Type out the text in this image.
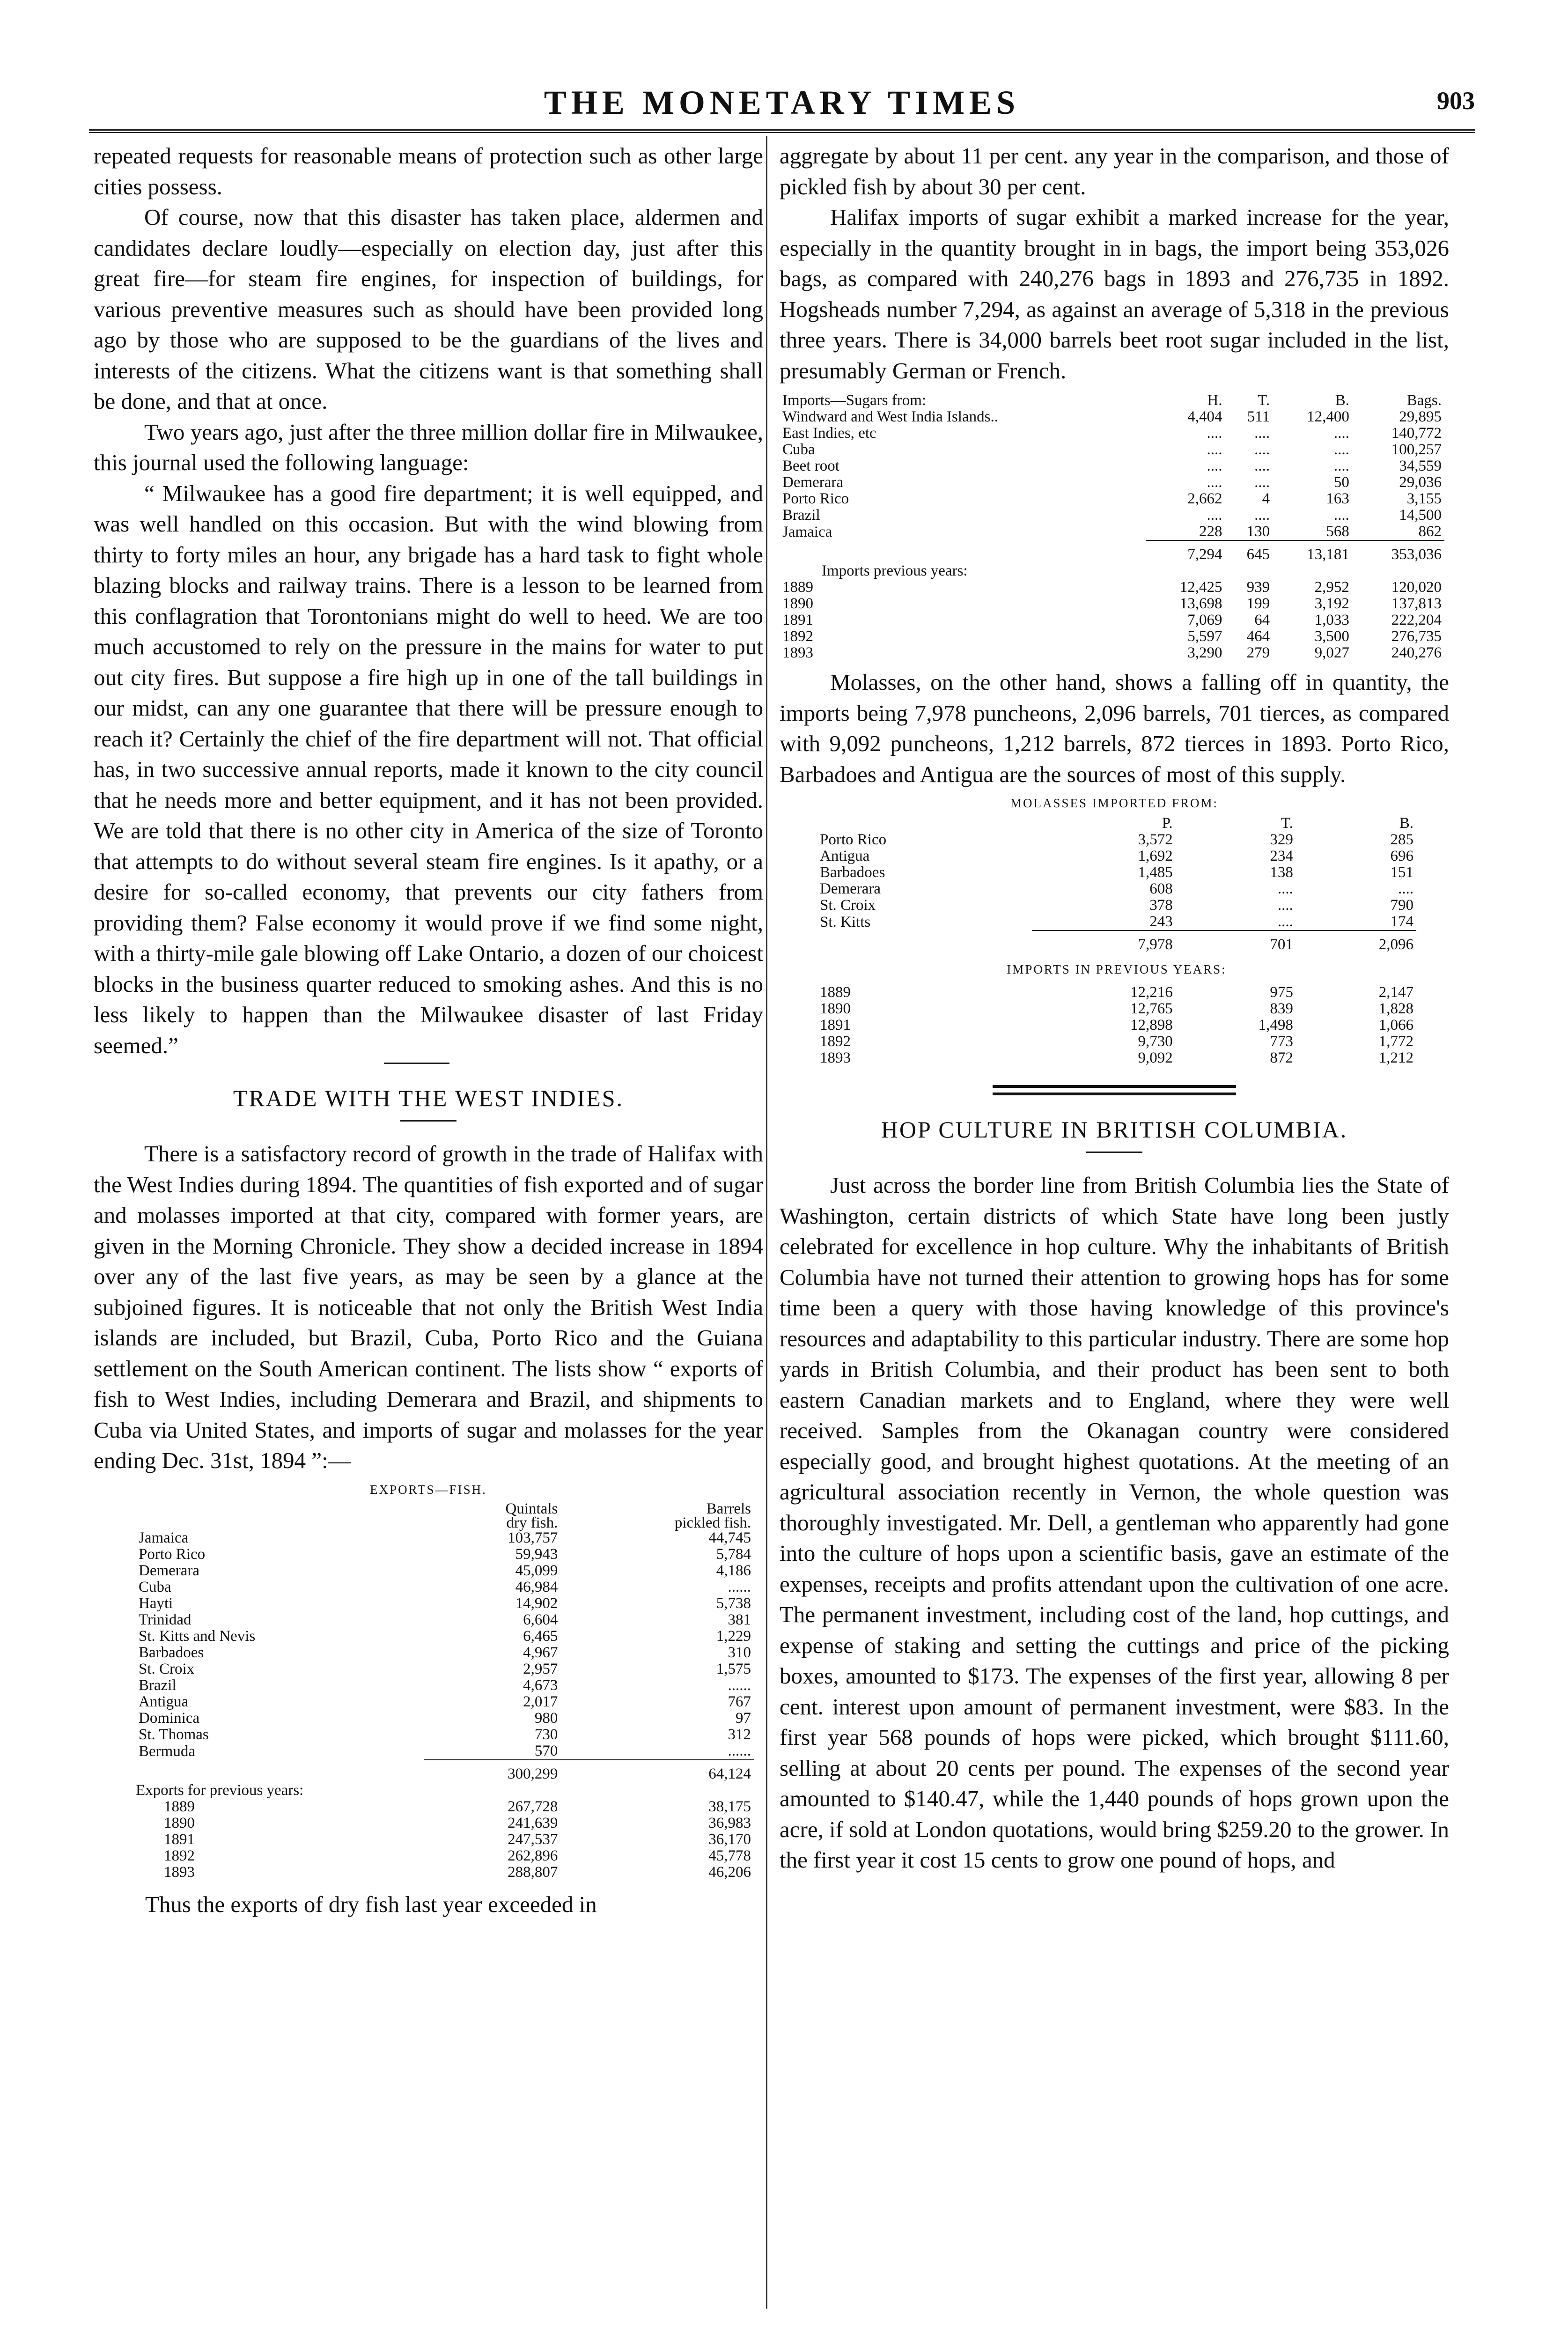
THE MONETARY TIMES	903

repeated requests for reasonable means of protection such as other large cities possess.

Of course, now that this disaster has taken place, aldermen and candidates declare loudly—especially on election day, just after this great fire—for steam fire engines, for inspection of buildings, for various preventive measures such as should have been provided long ago by those who are supposed to be the guardians of the lives and interests of the citizens. What the citizens want is that something shall be done, and that at once.

Two years ago, just after the three million dollar fire in Milwaukee, this journal used the following language:

“ Milwaukee has a good fire department; it is well equipped, and was well handled on this occasion. But with the wind blowing from thirty to forty miles an hour, any brigade has a hard task to fight whole blazing blocks and railway trains. There is a lesson to be learned from this conflagration that Torontonians might do well to heed. We are too much accustomed to rely on the pressure in the mains for water to put out city fires. But suppose a fire high up in one of the tall buildings in our midst, can any one guarantee that there will be pressure enough to reach it? Certainly the chief of the fire department will not. That official has, in two successive annual reports, made it known to the city council that he needs more and better equipment, and it has not been provided. We are told that there is no other city in America of the size of Toronto that attempts to do without several steam fire engines. Is it apathy, or a desire for so-called economy, that prevents our city fathers from providing them? False economy it would prove if we find some night, with a thirty-mile gale blowing off Lake Ontario, a dozen of our choicest blocks in the business quarter reduced to smoking ashes. And this is no less likely to happen than the Milwaukee disaster of last Friday seemed.”

TRADE WITH THE WEST INDIES.

There is a satisfactory record of growth in the trade of Halifax with the West Indies during 1894. The quantities of fish exported and of sugar and molasses imported at that city, compared with former years, are given in the Morning Chronicle. They show a decided increase in 1894 over any of the last five years, as may be seen by a glance at the subjoined figures. It is noticeable that not only the British West India islands are included, but Brazil, Cuba, Porto Rico and the Guiana settlement on the South American continent. The lists show “ exports of fish to West Indies, including Demerara and Brazil, and shipments to Cuba via United States, and imports of sugar and molasses for the year ending Dec. 31st, 1894 ”:—

EXPORTS—FISH.
	Quintals
dry fish.	Barrels
pickled fish.
Jamaica	103,757	44,745
Porto Rico	59,943	5,784
Demerara	45,099	4,186
Cuba	46,984	......
Hayti	14,902	5,738
Trinidad	6,604	381
St. Kitts and Nevis	6,465	1,229
Barbadoes	4,967	310
St. Croix	2,957	1,575
Brazil	4,673	......
Antigua	2,017	767
Dominica	980	97
St. Thomas	730	312
Bermuda	570	......
	300,299	64,124
Exports for previous years:		
1889	267,728	38,175
1890	241,639	36,983
1891	247,537	36,170
1892	262,896	45,778
1893	288,807	46,206

Thus the exports of dry fish last year exceeded in

aggregate by about 11 per cent. any year in the comparison, and those of pickled fish by about 30 per cent.

Halifax imports of sugar exhibit a marked increase for the year, especially in the quantity brought in in bags, the import being 353,026 bags, as compared with 240,276 bags in 1893 and 276,735 in 1892. Hogsheads number 7,294, as against an average of 5,318 in the previous three years. There is 34,000 barrels beet root sugar included in the list, presumably German or French.

Imports—Sugars from:	H.	T.	B.	Bags.
Windward and West India Islands..	4,404	511	12,400	29,895
East Indies, etc	....	....	....	140,772
Cuba	....	....	....	100,257
Beet root	....	....	....	34,559
Demerara	....	....	50	29,036
Porto Rico	2,662	4	163	3,155
Brazil	....	....	....	14,500
Jamaica	228	130	568	862
	7,294	645	13,181	353,036
Imports previous years:				
1889	12,425	939	2,952	120,020
1890	13,698	199	3,192	137,813
1891	7,069	64	1,033	222,204
1892	5,597	464	3,500	276,735
1893	3,290	279	9,027	240,276

Molasses, on the other hand, shows a falling off in quantity, the imports being 7,978 puncheons, 2,096 barrels, 701 tierces, as compared with 9,092 puncheons, 1,212 barrels, 872 tierces in 1893. Porto Rico, Barbadoes and Antigua are the sources of most of this supply.

MOLASSES IMPORTED FROM:
	P.	T.	B.
Porto Rico	3,572	329	285
Antigua	1,692	234	696
Barbadoes	1,485	138	151
Demerara	608	....	....
St. Croix	378	....	790
St. Kitts	243	....	174
	7,978	701	2,096
IMPORTS IN PREVIOUS YEARS:			
1889	12,216	975	2,147
1890	12,765	839	1,828
1891	12,898	1,498	1,066
1892	9,730	773	1,772
1893	9,092	872	1,212
HOP CULTURE IN BRITISH COLUMBIA.

Just across the border line from British Columbia lies the State of Washington, certain districts of which State have long been justly celebrated for excellence in hop culture. Why the inhabitants of British Columbia have not turned their attention to growing hops has for some time been a query with those having knowledge of this province's resources and adaptability to this particular industry. There are some hop yards in British Columbia, and their product has been sent to both eastern Canadian markets and to England, where they were well received. Samples from the Okanagan country were considered especially good, and brought highest quotations. At the meeting of an agricultural association recently in Vernon, the whole question was thoroughly investigated. Mr. Dell, a gentleman who apparently had gone into the culture of hops upon a scientific basis, gave an estimate of the expenses, receipts and profits attendant upon the cultivation of one acre. The permanent investment, including cost of the land, hop cuttings, and expense of staking and setting the cuttings and price of the picking boxes, amounted to $173. The expenses of the first year, allowing 8 per cent. interest upon amount of permanent investment, were $83. In the first year 568 pounds of hops were picked, which brought $111.60, selling at about 20 cents per pound. The expenses of the second year amounted to $140.47, while the 1,440 pounds of hops grown upon the acre, if sold at London quotations, would bring $259.20 to the grower. In the first year it cost 15 cents to grow one pound of hops, and
